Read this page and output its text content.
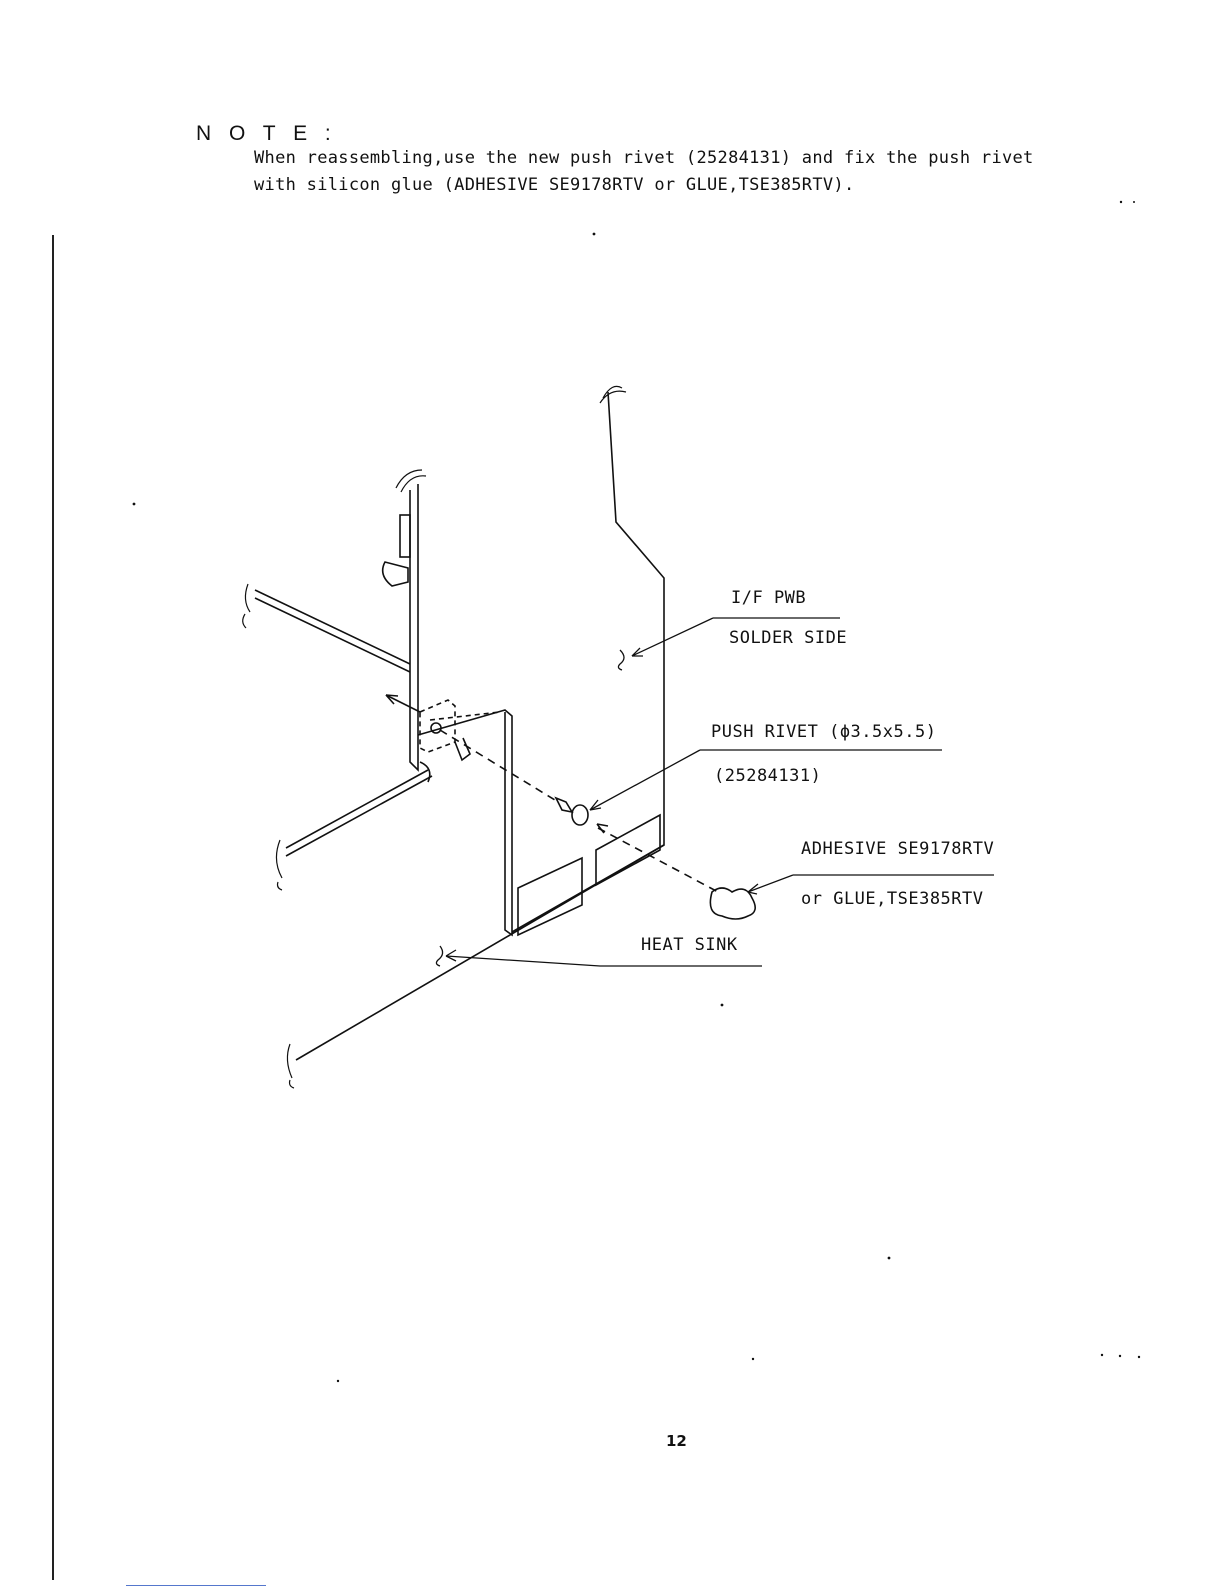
N O T E :
When reassembling,use the new push rivet (25284131) and fix the push rivet
with silicon glue (ADHESIVE SE9178RTV or GLUE,TSE385RTV).
I/F PWB
SOLDER SIDE
PUSH RIVET (ϕ3.5x5.5)
(25284131)
ADHESIVE SE9178RTV
or GLUE,TSE385RTV
HEAT SINK
12
